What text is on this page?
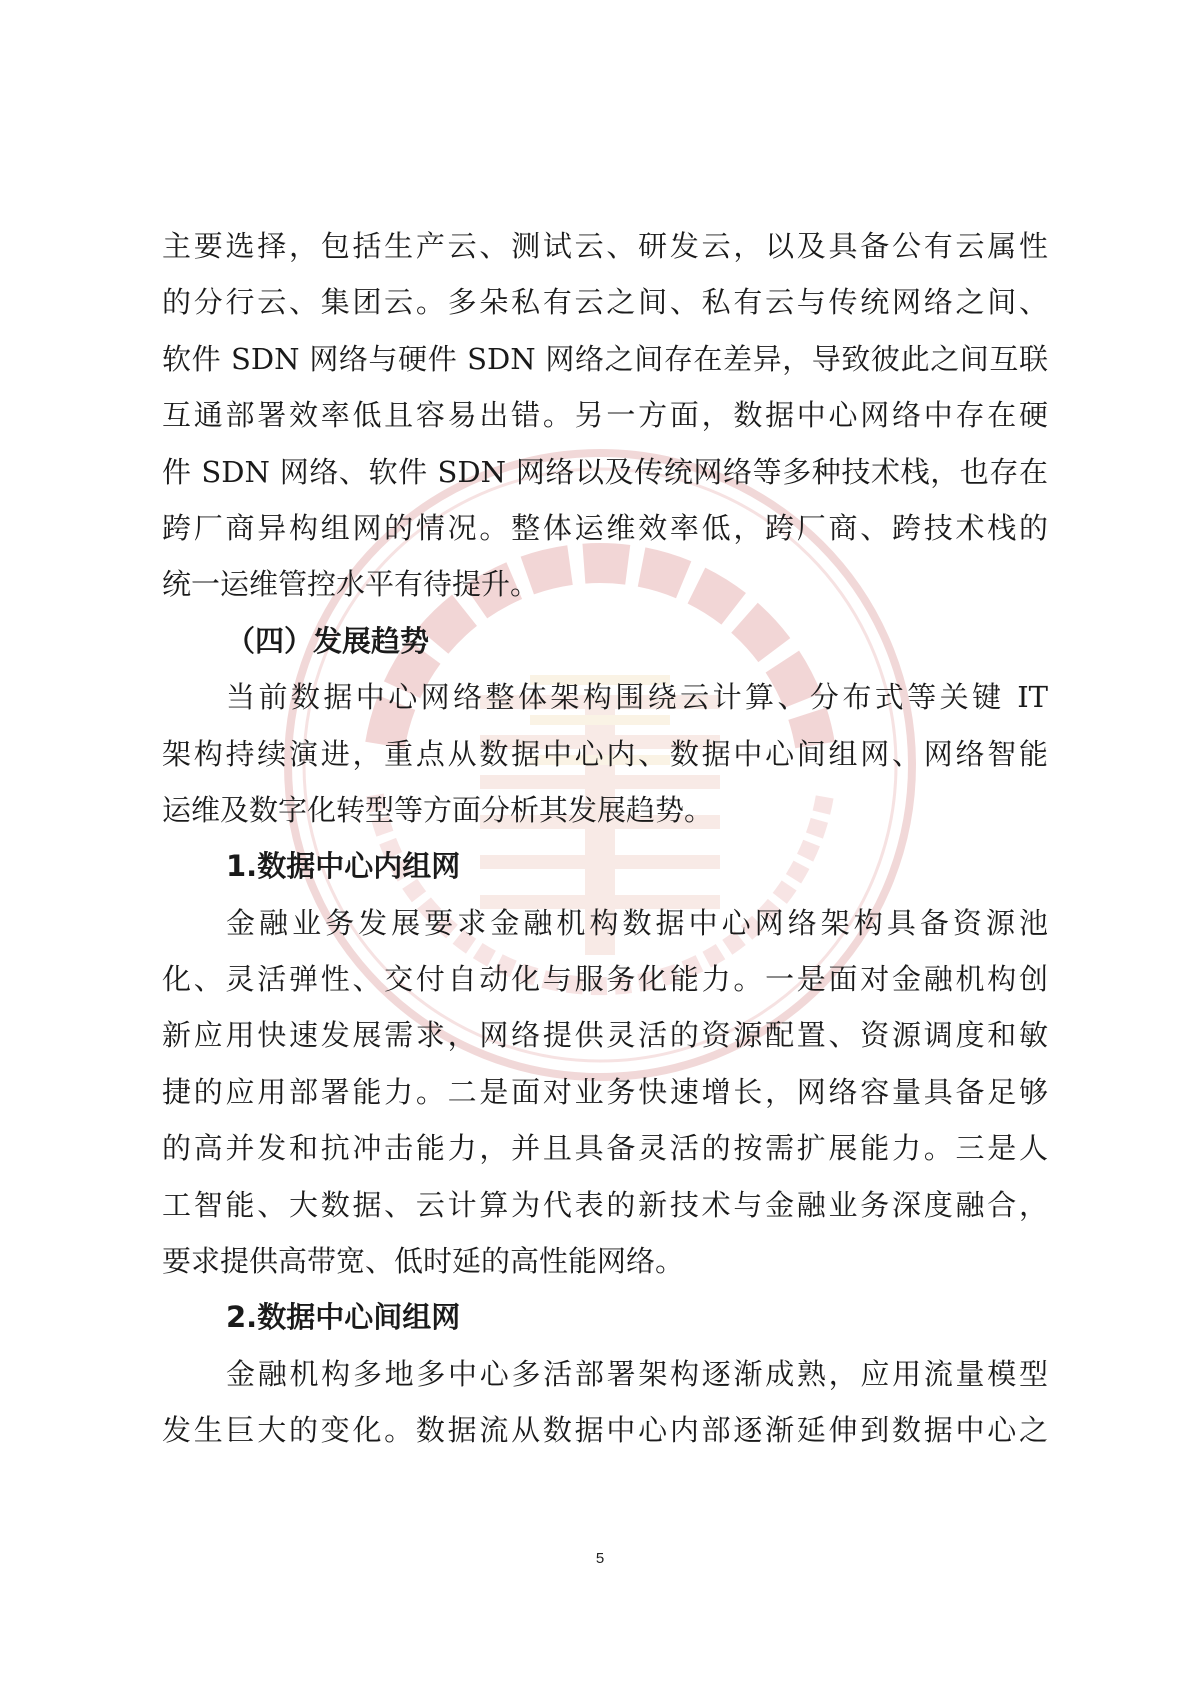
主要选择，包括生产云、测试云、研发云，以及具备公有云属性
的分行云、集团云。多朵私有云之间、私有云与传统网络之间、
软件 SDN 网络与硬件 SDN 网络之间存在差异，导致彼此之间互联
互通部署效率低且容易出错。另一方面，数据中心网络中存在硬
件 SDN 网络、软件 SDN 网络以及传统网络等多种技术栈，也存在
跨厂商异构组网的情况。整体运维效率低，跨厂商、跨技术栈的
统一运维管控水平有待提升。
（四）发展趋势
当前数据中心网络整体架构围绕云计算、分布式等关键 IT
架构持续演进，重点从数据中心内、数据中心间组网、网络智能
运维及数字化转型等方面分析其发展趋势。
1.数据中心内组网
金融业务发展要求金融机构数据中心网络架构具备资源池
化、灵活弹性、交付自动化与服务化能力。一是面对金融机构创
新应用快速发展需求，网络提供灵活的资源配置、资源调度和敏
捷的应用部署能力。二是面对业务快速增长，网络容量具备足够
的高并发和抗冲击能力，并且具备灵活的按需扩展能力。三是人
工智能、大数据、云计算为代表的新技术与金融业务深度融合，
要求提供高带宽、低时延的高性能网络。
2.数据中心间组网
金融机构多地多中心多活部署架构逐渐成熟，应用流量模型
发生巨大的变化。数据流从数据中心内部逐渐延伸到数据中心之
5
